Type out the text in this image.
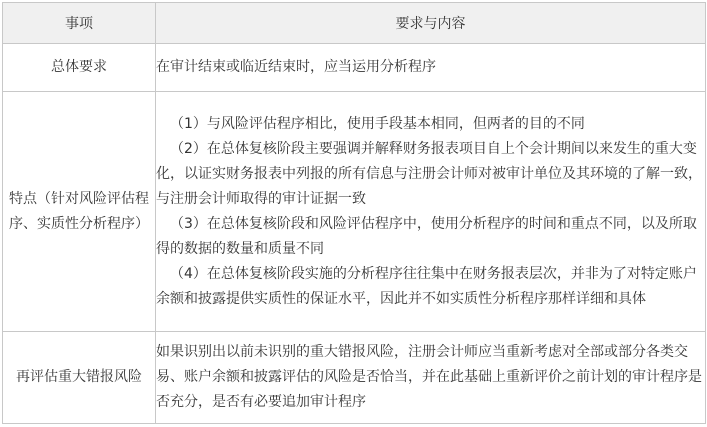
事项	要求与内容
总体要求	在审计结束或临近结束时，应当运用分析程序
特点（针对风险评估程序、实质性分析程序）	（1）与风险评估程序相比，使用手段基本相同，但两者的目的不同
（2）在总体复核阶段主要强调并解释财务报表项目自上个会计期间以来发生的重大变化，以证实财务报表中列报的所有信息与注册会计师对被审计单位及其环境的了解一致，与注册会计师取得的审计证据一致
（3）在总体复核阶段和风险评估程序中，使用分析程序的时间和重点不同，以及所取得的数据的数量和质量不同
（4）在总体复核阶段实施的分析程序往往集中在财务报表层次，并非为了对特定账户余额和披露提供实质性的保证水平，因此并不如实质性分析程序那样详细和具体

再评估重大错报风险	如果识别出以前未识别的重大错报风险，注册会计师应当重新考虑对全部或部分各类交易、账户余额和披露评估的风险是否恰当，并在此基础上重新评价之前计划的审计程序是否充分，是否有必要追加审计程序
